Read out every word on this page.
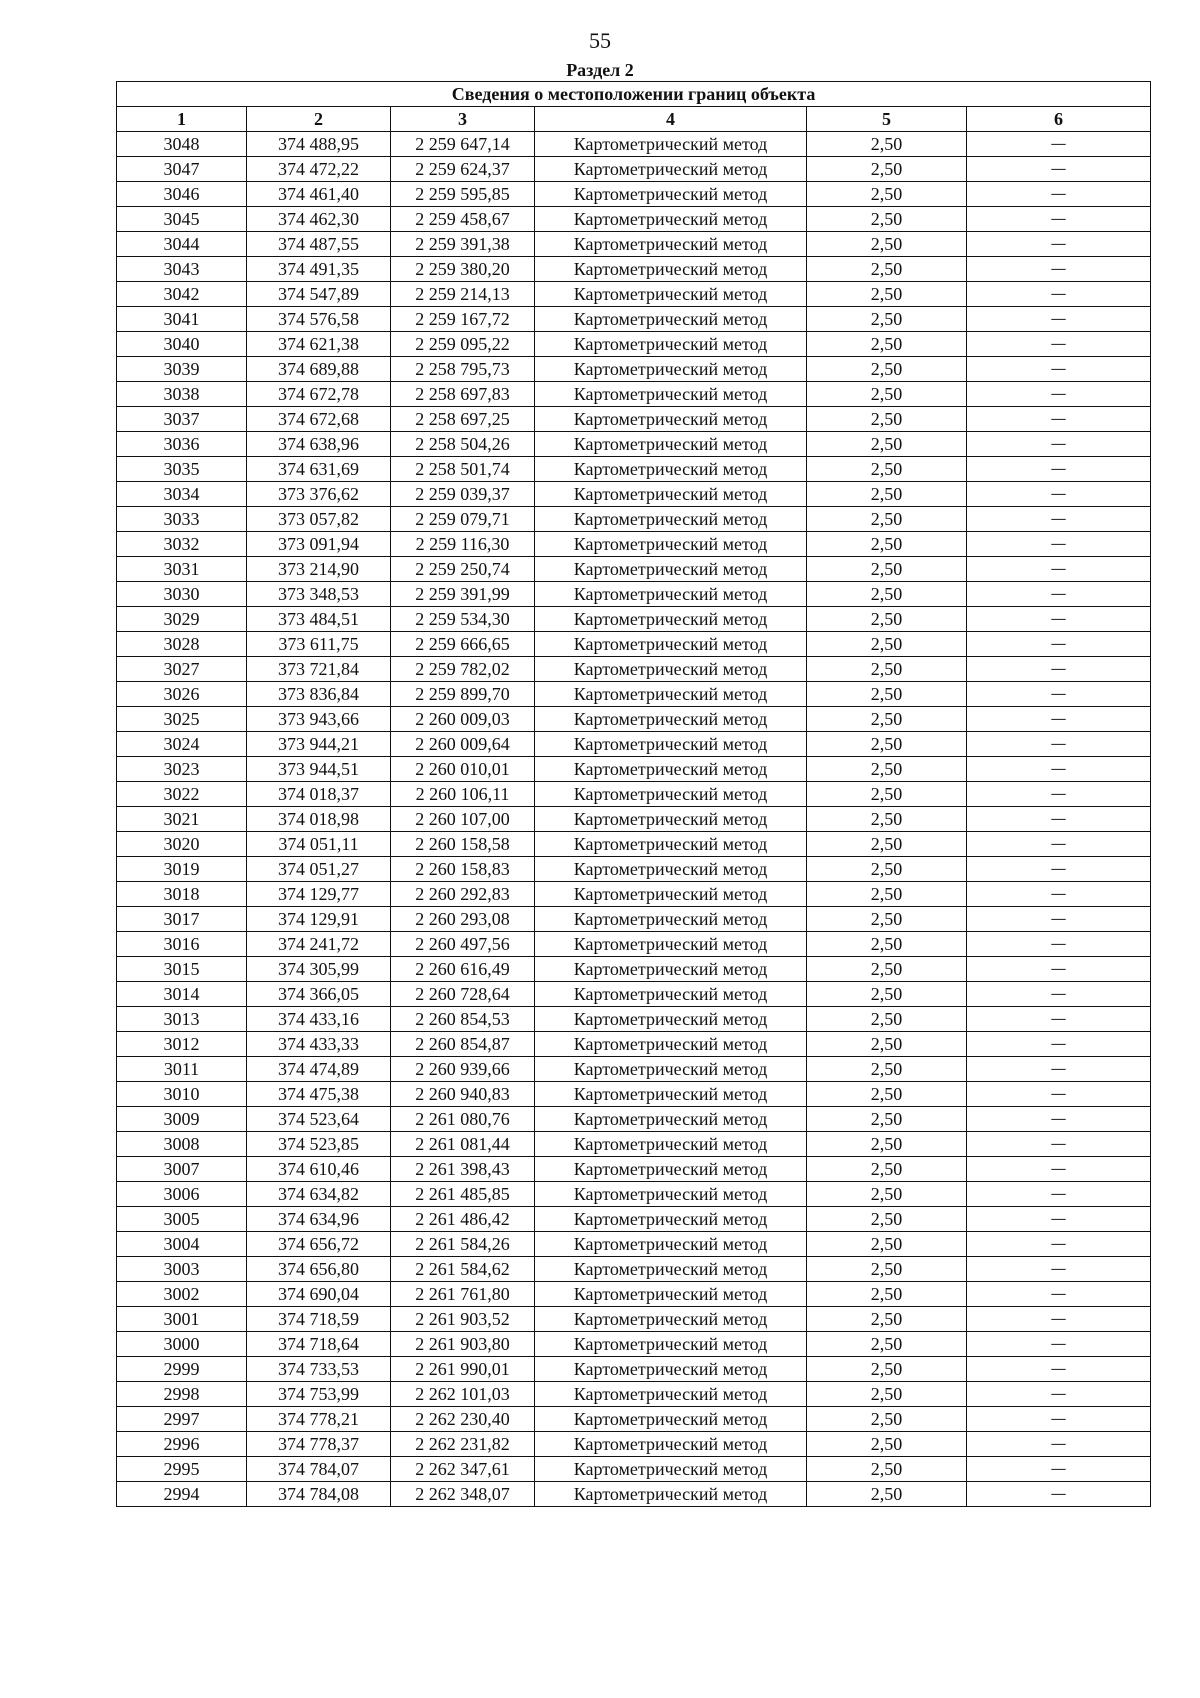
55
Раздел 2
Сведения о местоположении границ объекта					
1	2	3	4	5	6
3048	374 488,95	2 259 647,14	Картометрический метод	2,50	—
3047	374 472,22	2 259 624,37	Картометрический метод	2,50	—
3046	374 461,40	2 259 595,85	Картометрический метод	2,50	—
3045	374 462,30	2 259 458,67	Картометрический метод	2,50	—
3044	374 487,55	2 259 391,38	Картометрический метод	2,50	—
3043	374 491,35	2 259 380,20	Картометрический метод	2,50	—
3042	374 547,89	2 259 214,13	Картометрический метод	2,50	—
3041	374 576,58	2 259 167,72	Картометрический метод	2,50	—
3040	374 621,38	2 259 095,22	Картометрический метод	2,50	—
3039	374 689,88	2 258 795,73	Картометрический метод	2,50	—
3038	374 672,78	2 258 697,83	Картометрический метод	2,50	—
3037	374 672,68	2 258 697,25	Картометрический метод	2,50	—
3036	374 638,96	2 258 504,26	Картометрический метод	2,50	—
3035	374 631,69	2 258 501,74	Картометрический метод	2,50	—
3034	373 376,62	2 259 039,37	Картометрический метод	2,50	—
3033	373 057,82	2 259 079,71	Картометрический метод	2,50	—
3032	373 091,94	2 259 116,30	Картометрический метод	2,50	—
3031	373 214,90	2 259 250,74	Картометрический метод	2,50	—
3030	373 348,53	2 259 391,99	Картометрический метод	2,50	—
3029	373 484,51	2 259 534,30	Картометрический метод	2,50	—
3028	373 611,75	2 259 666,65	Картометрический метод	2,50	—
3027	373 721,84	2 259 782,02	Картометрический метод	2,50	—
3026	373 836,84	2 259 899,70	Картометрический метод	2,50	—
3025	373 943,66	2 260 009,03	Картометрический метод	2,50	—
3024	373 944,21	2 260 009,64	Картометрический метод	2,50	—
3023	373 944,51	2 260 010,01	Картометрический метод	2,50	—
3022	374 018,37	2 260 106,11	Картометрический метод	2,50	—
3021	374 018,98	2 260 107,00	Картометрический метод	2,50	—
3020	374 051,11	2 260 158,58	Картометрический метод	2,50	—
3019	374 051,27	2 260 158,83	Картометрический метод	2,50	—
3018	374 129,77	2 260 292,83	Картометрический метод	2,50	—
3017	374 129,91	2 260 293,08	Картометрический метод	2,50	—
3016	374 241,72	2 260 497,56	Картометрический метод	2,50	—
3015	374 305,99	2 260 616,49	Картометрический метод	2,50	—
3014	374 366,05	2 260 728,64	Картометрический метод	2,50	—
3013	374 433,16	2 260 854,53	Картометрический метод	2,50	—
3012	374 433,33	2 260 854,87	Картометрический метод	2,50	—
3011	374 474,89	2 260 939,66	Картометрический метод	2,50	—
3010	374 475,38	2 260 940,83	Картометрический метод	2,50	—
3009	374 523,64	2 261 080,76	Картометрический метод	2,50	—
3008	374 523,85	2 261 081,44	Картометрический метод	2,50	—
3007	374 610,46	2 261 398,43	Картометрический метод	2,50	—
3006	374 634,82	2 261 485,85	Картометрический метод	2,50	—
3005	374 634,96	2 261 486,42	Картометрический метод	2,50	—
3004	374 656,72	2 261 584,26	Картометрический метод	2,50	—
3003	374 656,80	2 261 584,62	Картометрический метод	2,50	—
3002	374 690,04	2 261 761,80	Картометрический метод	2,50	—
3001	374 718,59	2 261 903,52	Картометрический метод	2,50	—
3000	374 718,64	2 261 903,80	Картометрический метод	2,50	—
2999	374 733,53	2 261 990,01	Картометрический метод	2,50	—
2998	374 753,99	2 262 101,03	Картометрический метод	2,50	—
2997	374 778,21	2 262 230,40	Картометрический метод	2,50	—
2996	374 778,37	2 262 231,82	Картометрический метод	2,50	—
2995	374 784,07	2 262 347,61	Картометрический метод	2,50	—
2994	374 784,08	2 262 348,07	Картометрический метод	2,50	—
